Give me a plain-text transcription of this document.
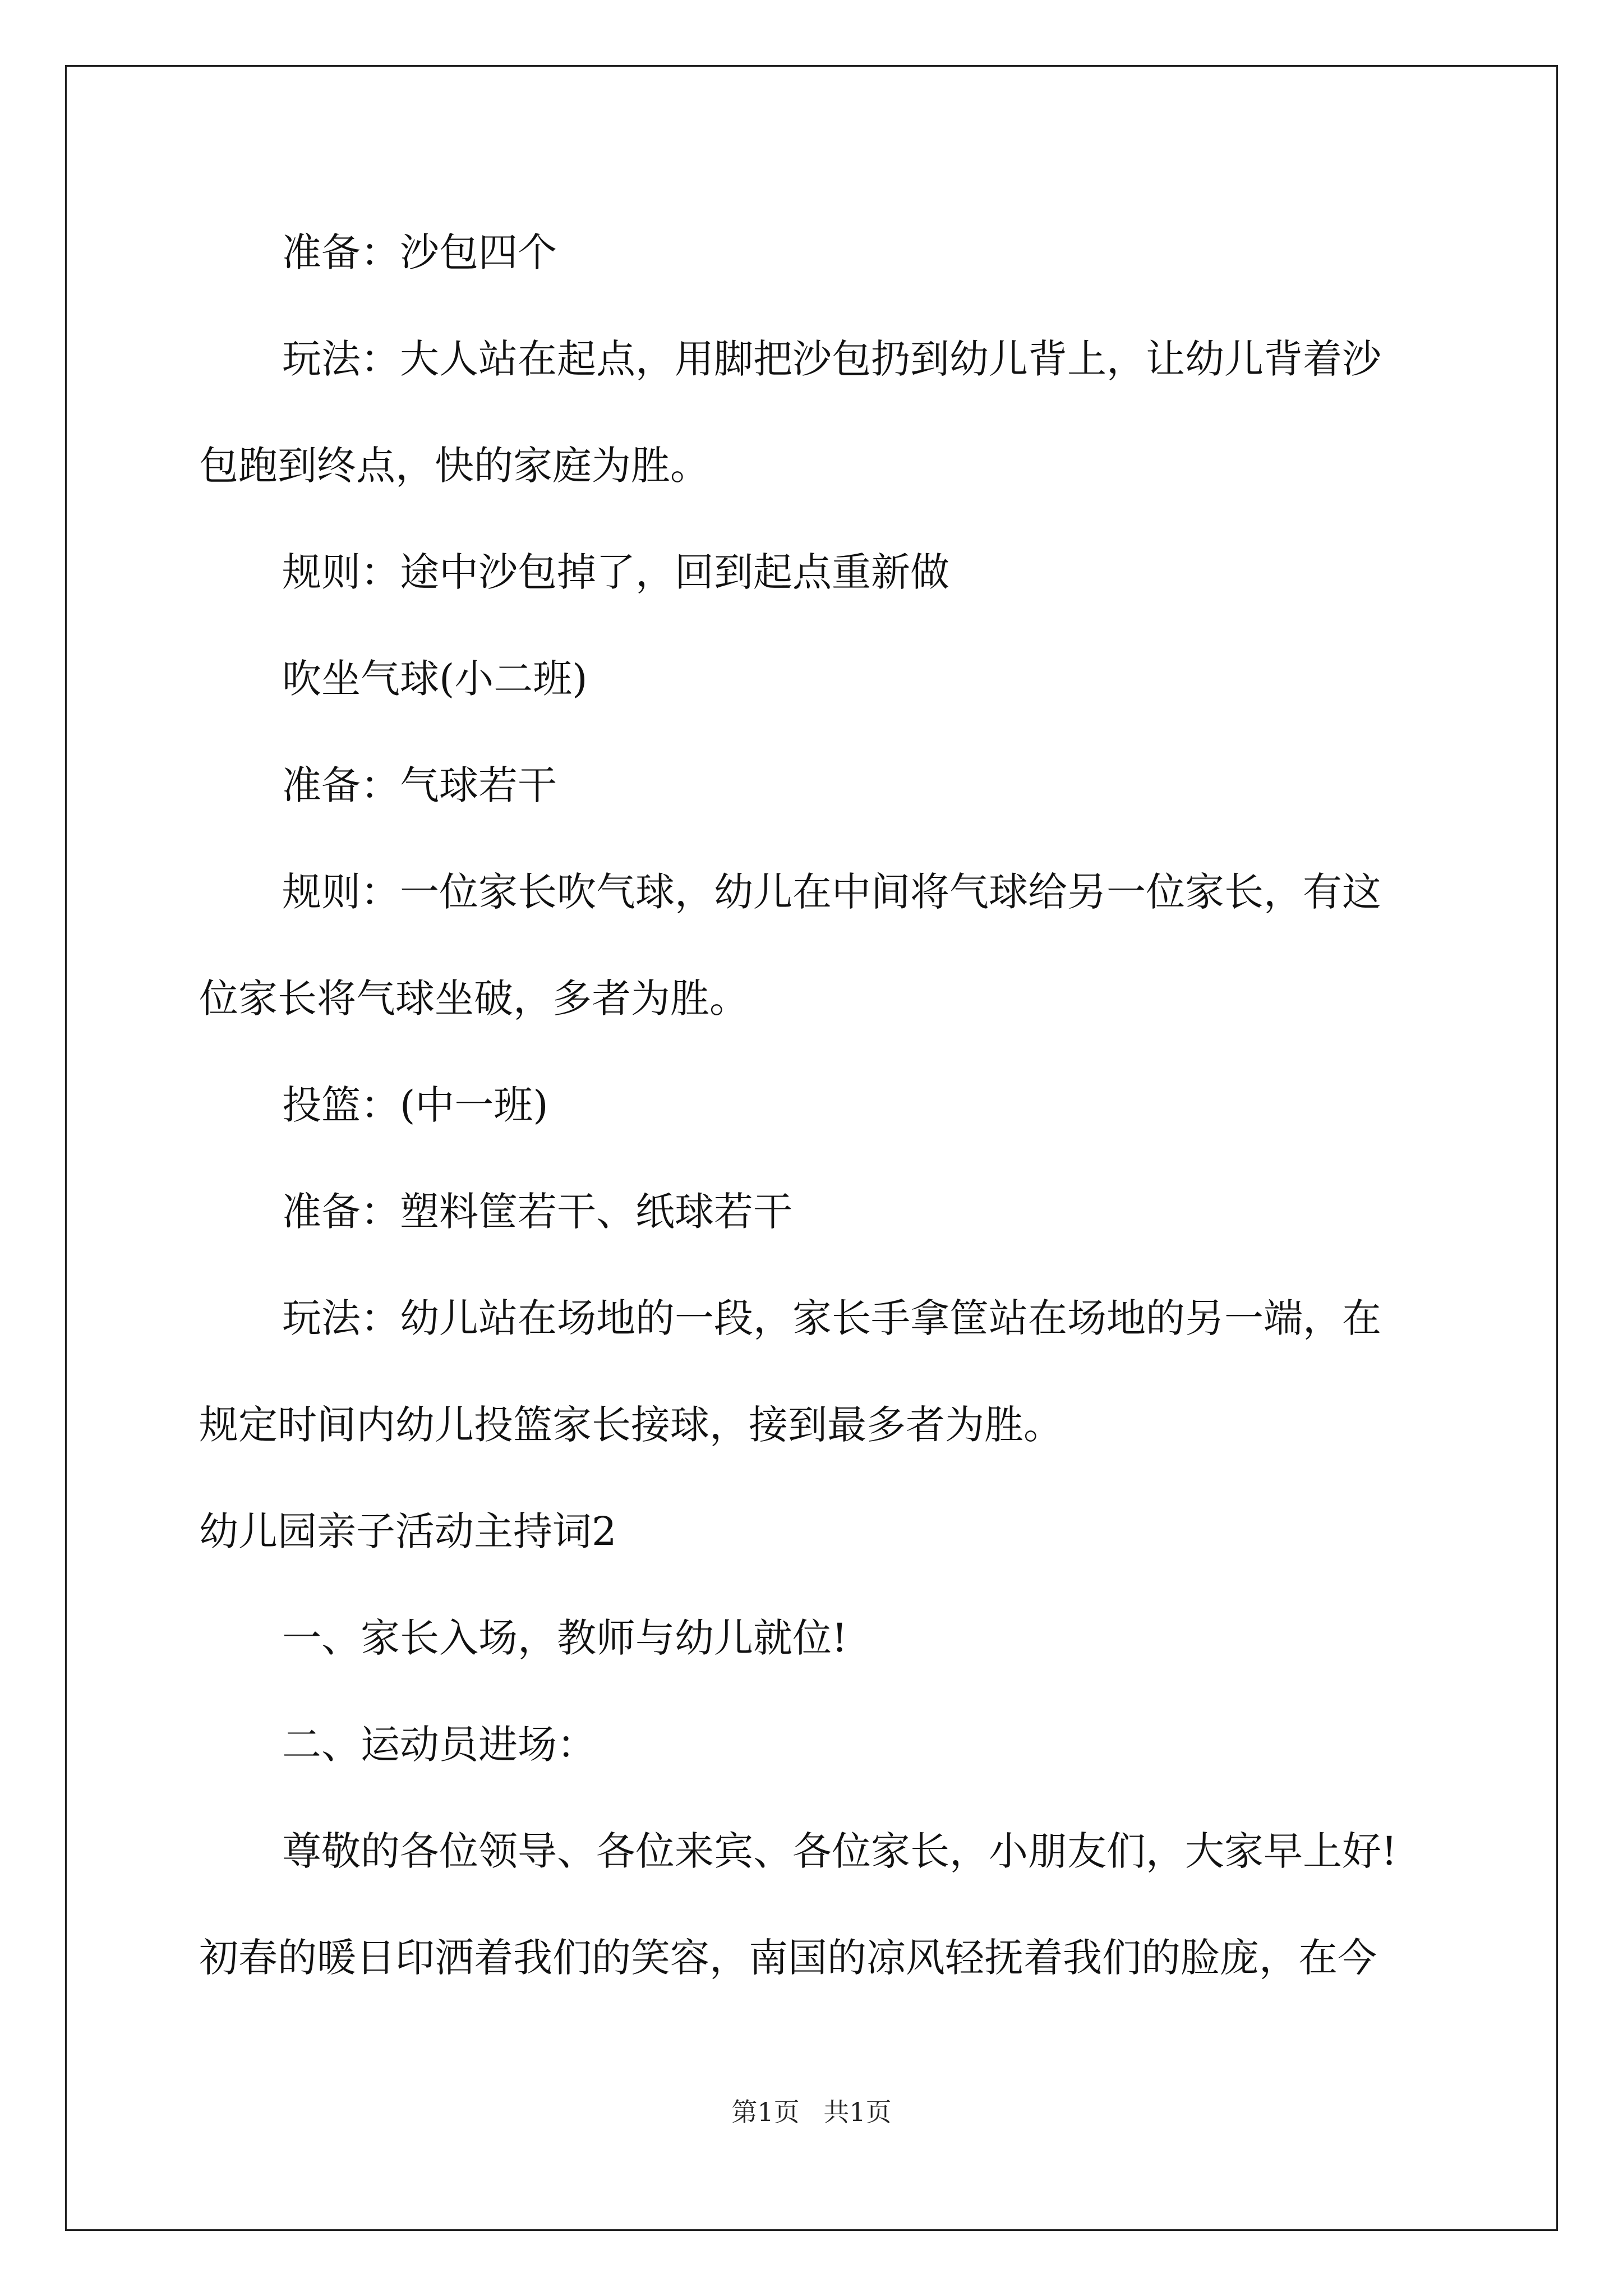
准备：沙包四个

玩法：大人站在起点，用脚把沙包扔到幼儿背上，让幼儿背着沙

包跑到终点，快的家庭为胜。

规则：途中沙包掉了，回到起点重新做

吹坐气球(小二班)

准备：气球若干

规则：一位家长吹气球，幼儿在中间将气球给另一位家长，有这

位家长将气球坐破，多者为胜。

投篮：(中一班)

准备：塑料筐若干、纸球若干

玩法：幼儿站在场地的一段，家长手拿筐站在场地的另一端，在

规定时间内幼儿投篮家长接球，接到最多者为胜。

幼儿园亲子活动主持词2

一、家长入场，教师与幼儿就位!

二、运动员进场：

尊敬的各位领导、各位来宾、各位家长，小朋友们，大家早上好!

初春的暖日印洒着我们的笑容，南国的凉风轻抚着我们的脸庞，在今

第1页 共1页
